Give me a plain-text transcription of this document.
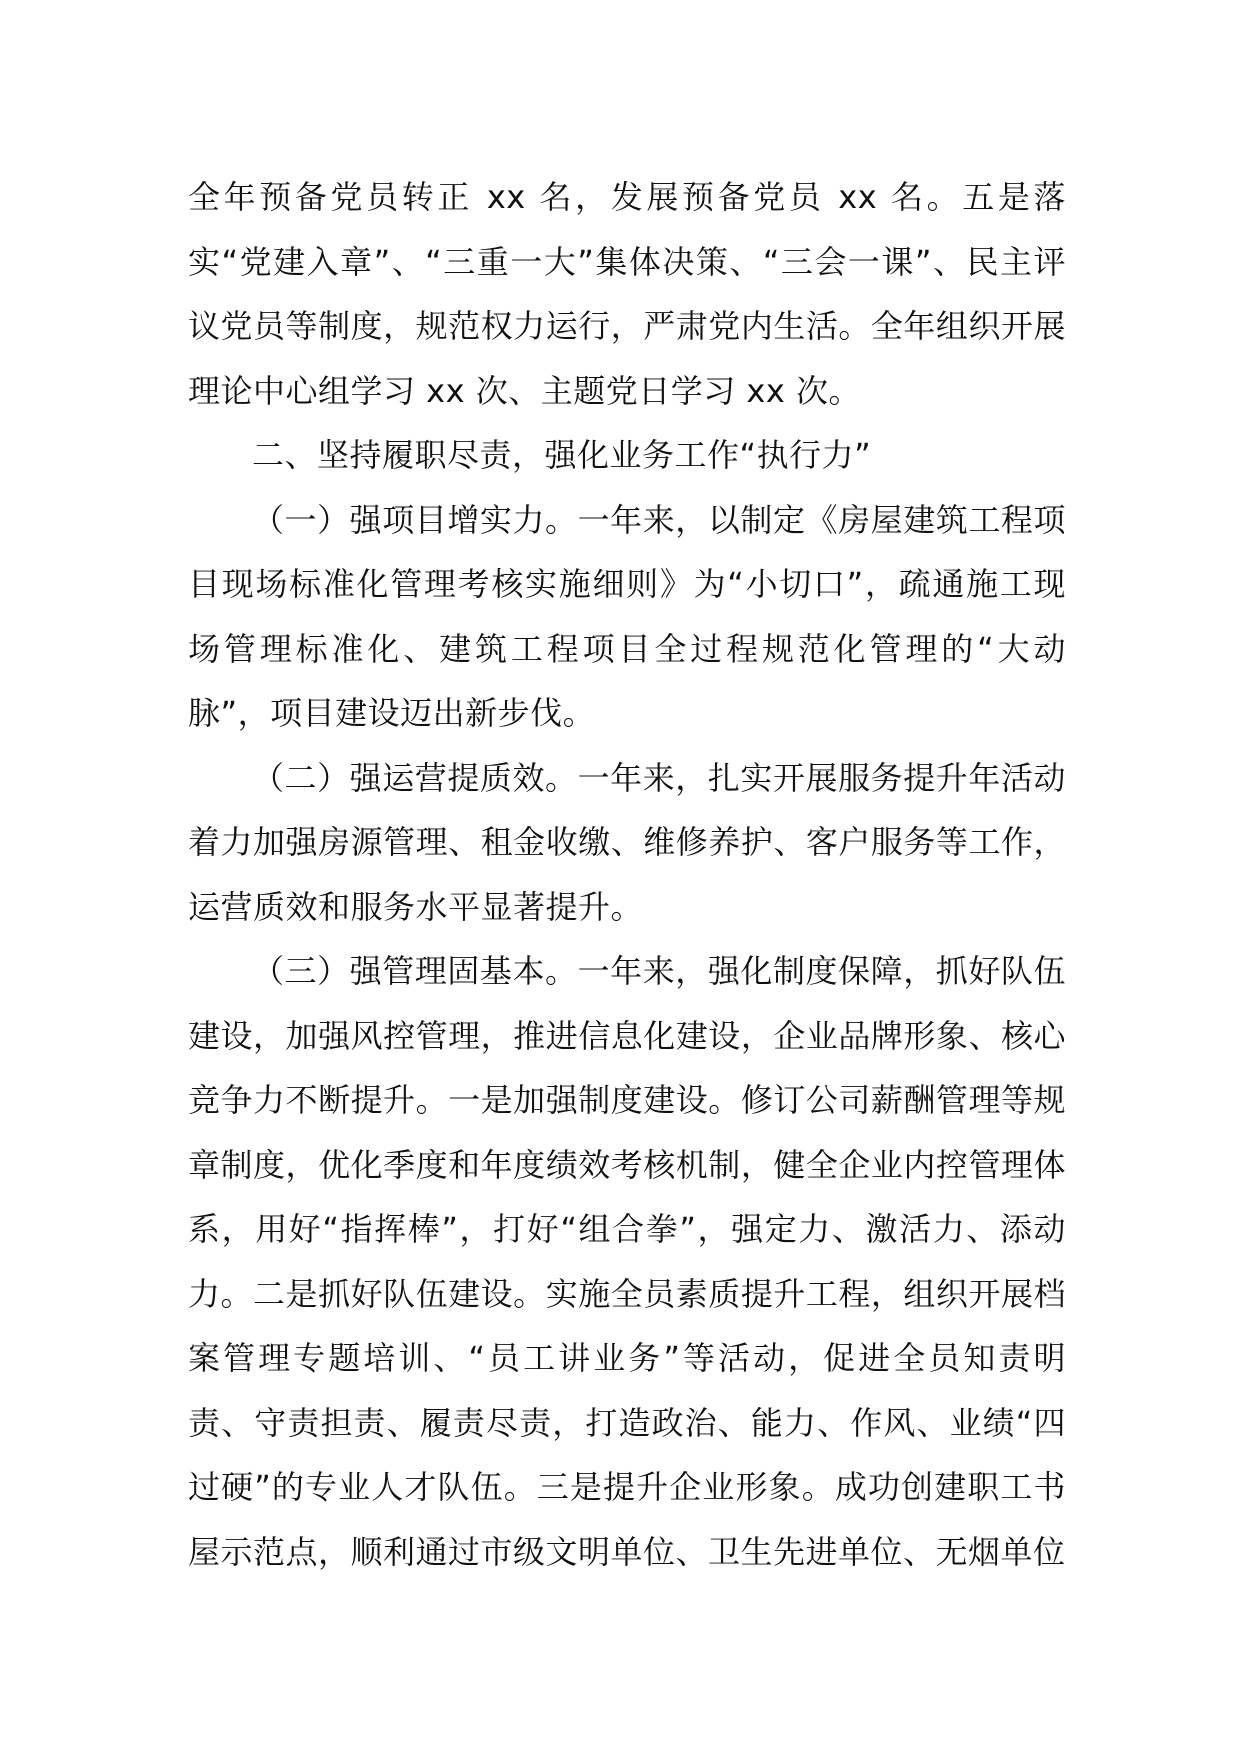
全年预备党员转正 xx 名，发展预备党员 xx 名。五是落实“党建入章”、“三重一大”集体决策、“三会一课”、民主评议党员等制度，规范权力运行，严肃党内生活。全年组织开展理论中心组学习 xx 次、主题党日学习 xx 次。

二、坚持履职尽责，强化业务工作“执行力”

（一）强项目增实力。一年来，以制定《房屋建筑工程项目现场标准化管理考核实施细则》为“小切口”，疏通施工现场管理标准化、建筑工程项目全过程规范化管理的“大动脉”，项目建设迈出新步伐。

（二）强运营提质效。一年来，扎实开展服务提升年活动着力加强房源管理、租金收缴、维修养护、客户服务等工作，运营质效和服务水平显著提升。

（三）强管理固基本。一年来，强化制度保障，抓好队伍建设，加强风控管理，推进信息化建设，企业品牌形象、核心竞争力不断提升。一是加强制度建设。修订公司薪酬管理等规章制度，优化季度和年度绩效考核机制，健全企业内控管理体系，用好“指挥棒”，打好“组合拳”，强定力、激活力、添动力。二是抓好队伍建设。实施全员素质提升工程，组织开展档案管理专题培训、“员工讲业务”等活动，促进全员知责明责、守责担责、履责尽责，打造政治、能力、作风、业绩“四过硬”的专业人才队伍。三是提升企业形象。成功创建职工书屋示范点，顺利通过市级文明单位、卫生先进单位、无烟单位
